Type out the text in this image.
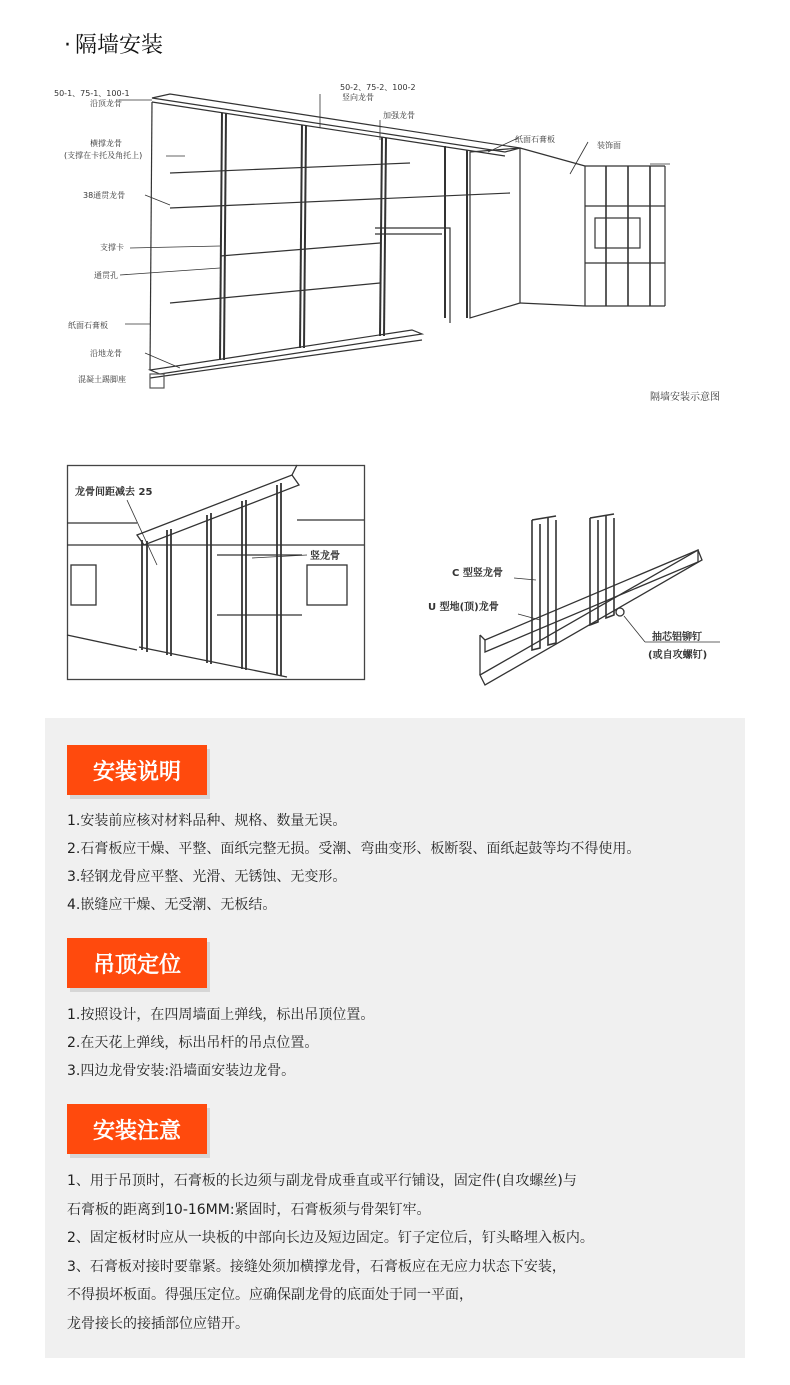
· 隔墙安装
50-1、75-1、100-1
沿顶龙骨
50-2、75-2、100-2
竖向龙骨
加强龙骨
纸面石膏板
装饰面
横撑龙骨
(支撑在卡托及角托上)
38通贯龙骨
支撑卡
通贯孔
纸面石膏板
沿地龙骨
混凝土踢脚座
隔墙安装示意图
龙骨间距减去 25
竖龙骨
C 型竖龙骨
U 型地(顶)龙骨
抽芯铝铆钉
(或自攻螺钉)
安装说明
1.安装前应核对材料品种、规格、数量无误。
2.石膏板应干燥、平整、面纸完整无损。受潮、弯曲变形、板断裂、面纸起鼓等均不得使用。
3.轻钢龙骨应平整、光滑、无锈蚀、无变形。
4.嵌缝应干燥、无受潮、无板结。
吊顶定位
1.按照设计，在四周墙面上弹线，标出吊顶位置。
2.在天花上弹线，标出吊杆的吊点位置。
3.四边龙骨安装:沿墙面安装边龙骨。
安装注意
1、用于吊顶时，石膏板的长边须与副龙骨成垂直或平行铺设，固定件(自攻螺丝)与
石膏板的距离到10-16MM:紧固时，石膏板须与骨架钉牢。
2、固定板材时应从一块板的中部向长边及短边固定。钉子定位后，钉头略埋入板内。
3、石膏板对接时要靠紧。接缝处须加横撑龙骨，石膏板应在无应力状态下安装，
不得损坏板面。得强压定位。应确保副龙骨的底面处于同一平面，
龙骨接长的接插部位应错开。
